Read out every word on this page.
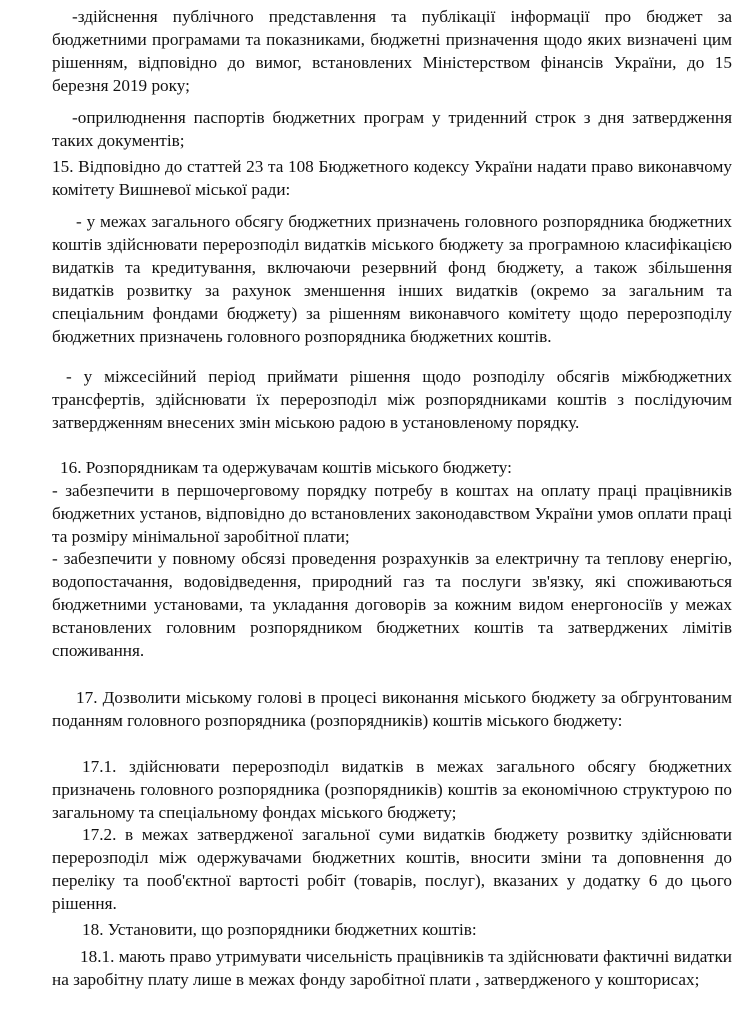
-здійснення публічного представлення та публікації інформації про бюджет за бюджетними програмами та показниками, бюджетні призначення щодо яких визначені цим рішенням, відповідно до вимог, встановлених Міністерством фінансів України, до 15 березня 2019 року;

-оприлюднення паспортів бюджетних програм у триденний строк з дня затвердження таких документів;

15. Відповідно до статтей 23 та 108 Бюджетного кодексу України надати право виконавчому комітету Вишневої міської ради:

- у межах загального обсягу бюджетних призначень головного розпорядника бюджетних коштів здійснювати перерозподіл видатків міського бюджету за програмною класифікацією видатків та кредитування, включаючи резервний фонд бюджету, а також збільшення видатків розвитку за рахунок зменшення інших видатків (окремо за загальним та спеціальним фондами бюджету) за рішенням виконавчого комітету щодо перерозподілу бюджетних призначень головного розпорядника бюджетних коштів.

- у міжсесійний період приймати рішення щодо розподілу обсягів міжбюджетних трансфертів, здійснювати їх перерозподіл між розпорядниками коштів з послідуючим затвердженням внесених змін міською радою в установленому порядку.

16. Розпорядникам та одержувачам коштів міського бюджету:

- забезпечити в першочерговому порядку потребу в коштах на оплату праці працівників бюджетних установ, відповідно до встановлених законодавством України умов оплати праці та розміру мінімальної заробітної плати;

- забезпечити у повному обсязі проведення розрахунків за електричну та теплову енергію, водопостачання, водовідведення, природний газ та послуги зв'язку, які споживаються бюджетними установами, та укладання договорів за кожним видом енергоносіїв у межах встановлених головним розпорядником бюджетних коштів та затверджених лімітів споживання.

17. Дозволити міському голові в процесі виконання міського бюджету за обгрунтованим поданням головного розпорядника (розпорядників) коштів міського бюджету:

17.1. здійснювати перерозподіл видатків в межах загального обсягу бюджетних призначень головного розпорядника (розпорядників) коштів за економічною структурою по загальному та спеціальному фондах міського бюджету;

17.2. в межах затвердженої загальної суми видатків бюджету розвитку здійснювати перерозподіл між одержувачами бюджетних коштів, вносити зміни та доповнення до переліку та пооб'єктної вартості робіт (товарів, послуг), вказаних у додатку 6 до цього рішення.

18. Установити, що розпорядники бюджетних коштів:

18.1. мають право утримувати чисельність працівників та здійснювати фактичні видатки на заробітну плату лише в межах фонду заробітної плати , затвердженого у кошторисах;
